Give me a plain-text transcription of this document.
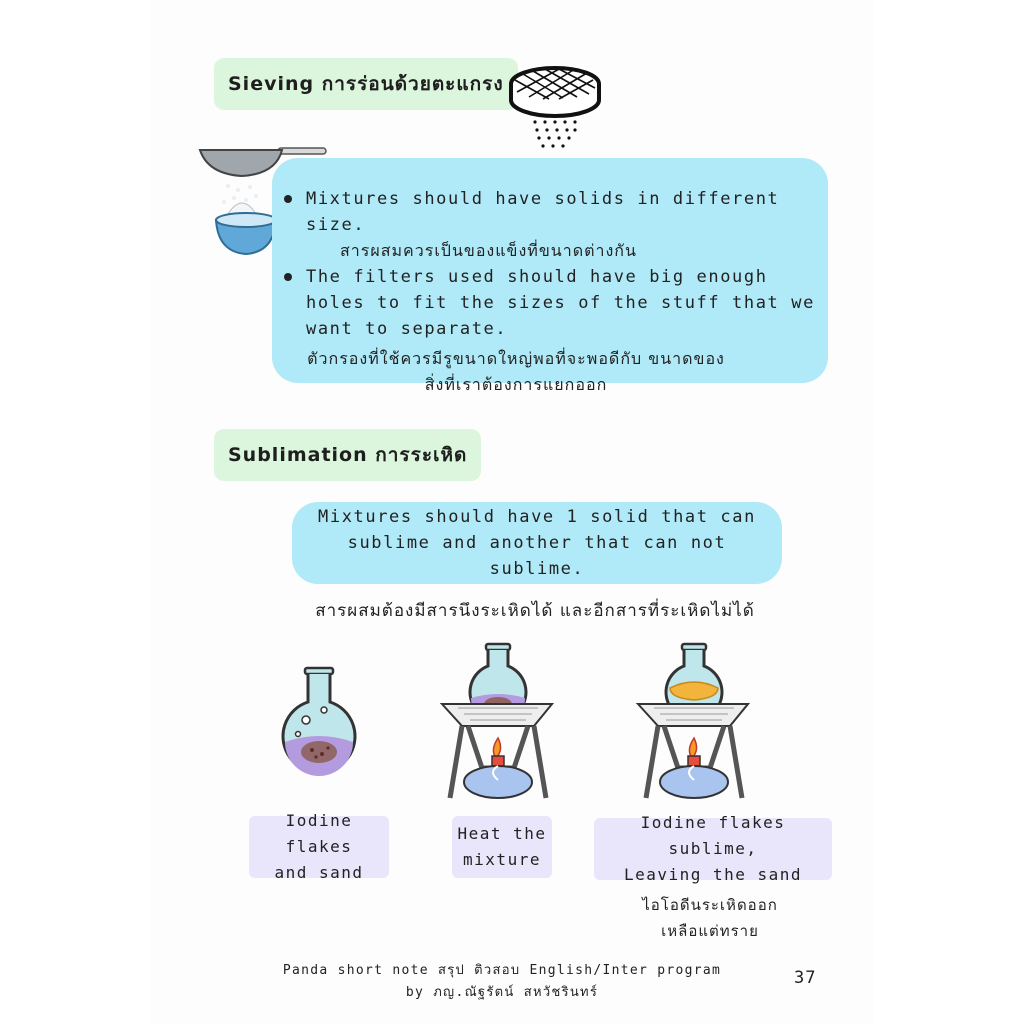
Sieving การร่อนด้วยตะแกรง
Mixtures should have solids in different size.
สารผสมควรเป็นของแข็งที่ขนาดต่างกัน
The filters used should have big enough holes to fit the sizes of the stuff that we want to separate.
ตัวกรองที่ใช้ควรมีรูขนาดใหญ่พอที่จะพอดีกับ ขนาดของสิ่งที่เราต้องการแยกออก
Sublimation การระเหิด
Mixtures should have 1 solid that can sublime and another that can not sublime.
สารผสมต้องมีสารนึงระเหิดได้ และอีกสารที่ระเหิดไม่ได้
Iodine flakes
and sand
Heat the
mixture
Iodine flakes sublime,
Leaving the sand
ไอโอดีนระเหิดออก
เหลือแต่ทราย
Panda short note สรุป ติวสอบ English/Inter program
by ภญ.ณัฐรัตน์ สหวัชรินทร์
37
